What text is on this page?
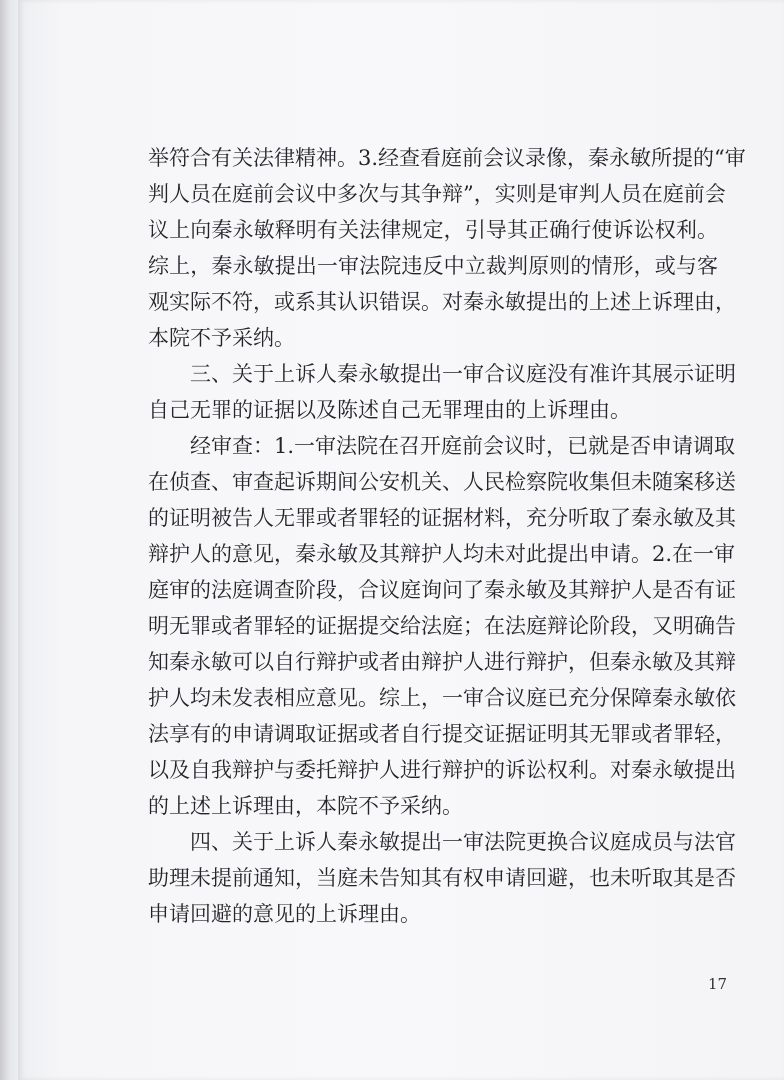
举符合有关法律精神。3.经查看庭前会议录像，秦永敏所提的“审
判人员在庭前会议中多次与其争辩”，实则是审判人员在庭前会
议上向秦永敏释明有关法律规定，引导其正确行使诉讼权利。
综上，秦永敏提出一审法院违反中立裁判原则的情形，或与客
观实际不符，或系其认识错误。对秦永敏提出的上述上诉理由，
本院不予采纳。
三、关于上诉人秦永敏提出一审合议庭没有准许其展示证明
自己无罪的证据以及陈述自己无罪理由的上诉理由。
经审查：1.一审法院在召开庭前会议时，已就是否申请调取
在侦查、审查起诉期间公安机关、人民检察院收集但未随案移送
的证明被告人无罪或者罪轻的证据材料，充分听取了秦永敏及其
辩护人的意见，秦永敏及其辩护人均未对此提出申请。2.在一审
庭审的法庭调查阶段，合议庭询问了秦永敏及其辩护人是否有证
明无罪或者罪轻的证据提交给法庭；在法庭辩论阶段，又明确告
知秦永敏可以自行辩护或者由辩护人进行辩护，但秦永敏及其辩
护人均未发表相应意见。综上，一审合议庭已充分保障秦永敏依
法享有的申请调取证据或者自行提交证据证明其无罪或者罪轻，
以及自我辩护与委托辩护人进行辩护的诉讼权利。对秦永敏提出
的上述上诉理由，本院不予采纳。
四、关于上诉人秦永敏提出一审法院更换合议庭成员与法官
助理未提前通知，当庭未告知其有权申请回避，也未听取其是否
申请回避的意见的上诉理由。
17
